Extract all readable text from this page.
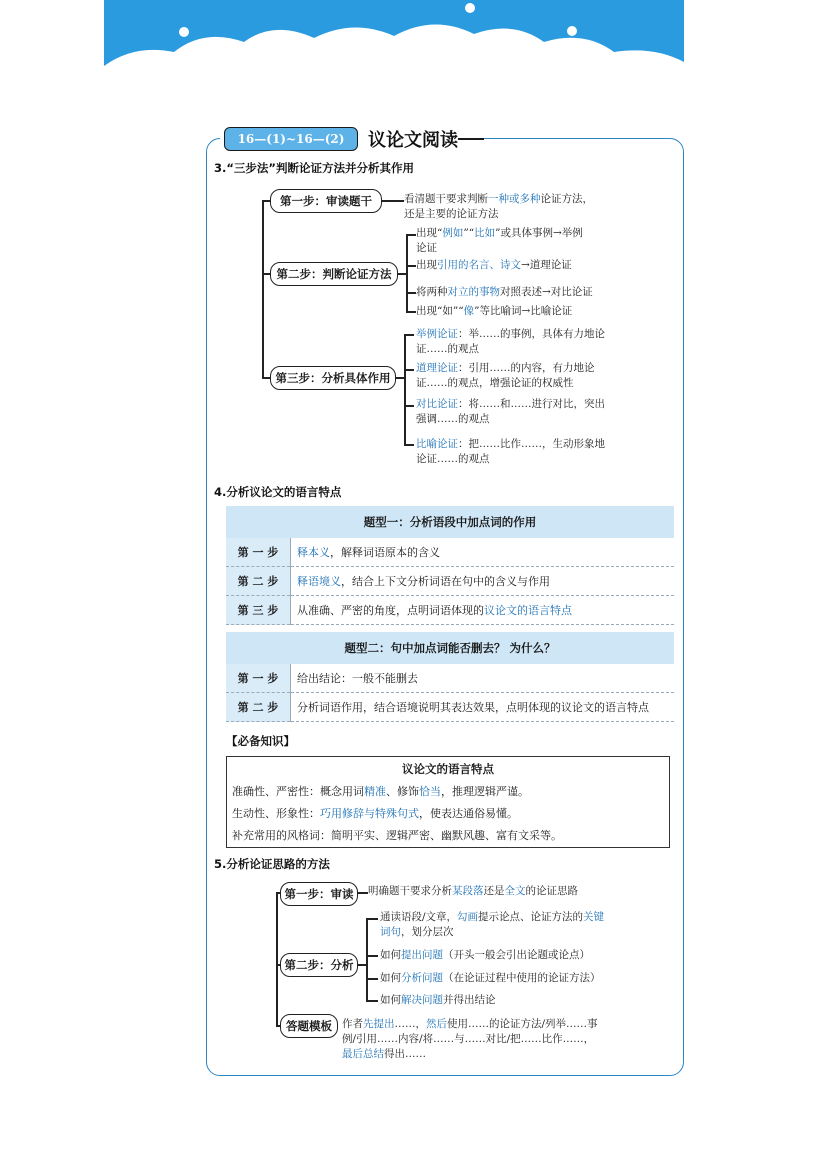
16—(1)~16—(2)	议论文阅读
3.“三步法”判断论证方法并分析其作用
第一步：审读题干	看清题干要求判断一种或多种论证方法，
还是主要的论证方法
第二步：判断论证方法
出现“例如”“比如”或具体事例→举例
论证
出现引用的名言、诗文→道理论证
将两种对立的事物对照表述→对比论证
出现“如”“像”等比喻词→比喻论证
第三步：分析具体作用
举例论证：举……的事例，具体有力地论
证……的观点
道理论证：引用……的内容，有力地论
证……的观点，增强论证的权威性
对比论证：将……和……进行对比，突出
强调……的观点
比喻论证：把……比作……，生动形象地
论证……的观点
4.分析议论文的语言特点
题型一：分析语段中加点词的作用	
第 一 步	释本义，解释词语原本的含义
第 二 步	释语境义，结合上下文分析词语在句中的含义与作用
第 三 步	从准确、严密的角度，点明词语体现的议论文的语言特点
题型二：句中加点词能否删去？ 为什么？	
第 一 步	给出结论：一般不能删去
第 二 步	分析词语作用，结合语境说明其表达效果，点明体现的议论文的语言特点
【必备知识】
议论文的语言特点
准确性、严密性：概念用词精准、修饰恰当，推理逻辑严谨。
生动性、形象性：巧用修辞与特殊句式，使表达通俗易懂。
补充常用的风格词：简明平实、逻辑严密、幽默风趣、富有文采等。
5.分析论证思路的方法
第一步：审读	明确题干要求分析某段落还是全文的论证思路
第二步：分析
通读语段/文章，勾画提示论点、论证方法的关键
词句，划分层次
如何提出问题（开头一般会引出论题或论点）
如何分析问题（在论证过程中使用的论证方法）
如何解决问题并得出结论
答题模板 作者先提出……，然后使用……的论证方法/列举……事
例/引用……内容/将……与……对比/把……比作……，
最后总结得出……
